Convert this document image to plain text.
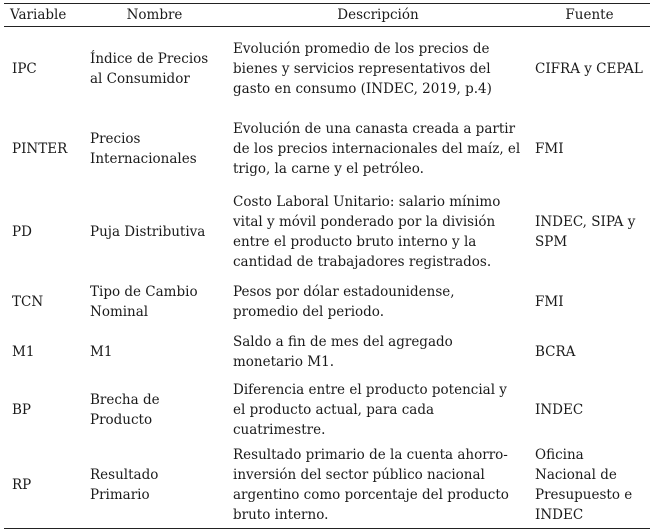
Variable	Nombre	Descripción	Fuente
IPC	Índice de Precios al Consumidor	Evolución promedio de los precios de bienes y servicios representativos del gasto en consumo (INDEC, 2019, p.4)	CIFRA y CEPAL
PINTER	Precios Internacionales	Evolución de una canasta creada a partir de los precios internacionales del maíz, el trigo, la carne y el petróleo.	FMI
PD	Puja Distributiva	Costo Laboral Unitario: salario mínimo vital y móvil ponderado por la división entre el producto bruto interno y la cantidad de trabajadores registrados.	INDEC, SIPA y SPM
TCN	Tipo de Cambio Nominal	Pesos por dólar estadounidense, promedio del periodo.	FMI
M1	M1	Saldo a fin de mes del agregado monetario M1.	BCRA
BP	Brecha de Producto	Diferencia entre el producto potencial y el producto actual, para cada cuatrimestre.	INDEC
RP	Resultado Primario	Resultado primario de la cuenta ahorro-inversión del sector público nacional argentino como porcentaje del producto bruto interno.	Oficina Nacional de Presupuesto e INDEC
